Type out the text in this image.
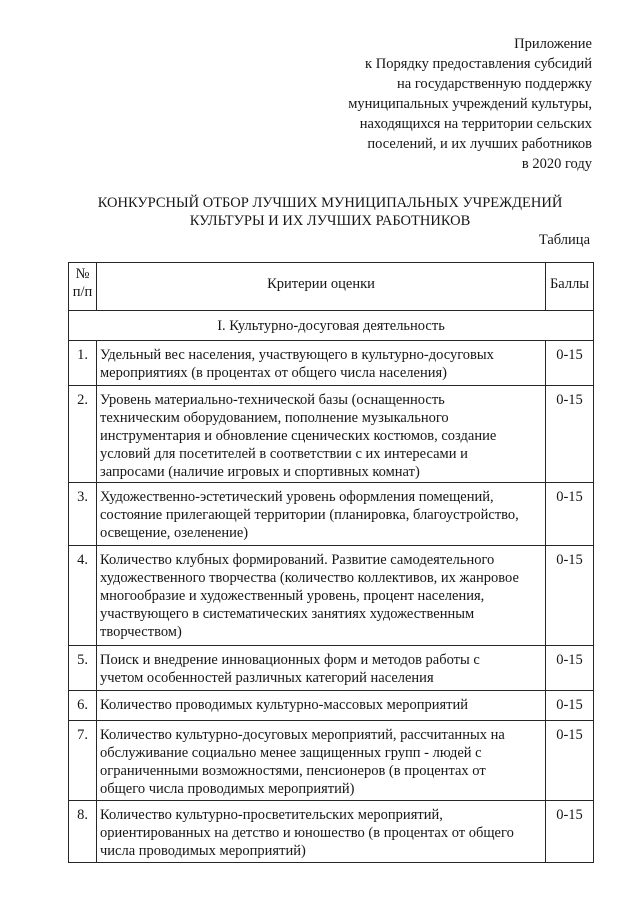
Приложение
к Порядку предоставления субсидий
на государственную поддержку
муниципальных учреждений культуры,
находящихся на территории сельских
поселений, и их лучших работников
в 2020 году
КОНКУРСНЫЙ ОТБОР ЛУЧШИХ МУНИЦИПАЛЬНЫХ УЧРЕЖДЕНИЙ
КУЛЬТУРЫ И ИХ ЛУЧШИХ РАБОТНИКОВ
Таблица
№
п/п	Критерии оценки	Баллы
I. Культурно-досуговая деятельность		
1.	Удельный вес населения, участвующего в культурно-досуговых
мероприятиях (в процентах от общего числа населения)	0-15
2.	Уровень материально-технической базы (оснащенность
техническим оборудованием, пополнение музыкального
инструментария и обновление сценических костюмов, создание
условий для посетителей в соответствии с их интересами и
запросами (наличие игровых и спортивных комнат)	0-15
3.	Художественно-эстетический уровень оформления помещений,
состояние прилегающей территории (планировка, благоустройство,
освещение, озеленение)	0-15
4.	Количество клубных формирований. Развитие самодеятельного
художественного творчества (количество коллективов, их жанровое
многообразие и художественный уровень, процент населения,
участвующего в систематических занятиях художественным
творчеством)	0-15
5.	Поиск и внедрение инновационных форм и методов работы с
учетом особенностей различных категорий населения	0-15
6.	Количество проводимых культурно-массовых мероприятий	0-15
7.	Количество культурно-досуговых мероприятий, рассчитанных на
обслуживание социально менее защищенных групп - людей с
ограниченными возможностями, пенсионеров (в процентах от
общего числа проводимых мероприятий)	0-15
8.	Количество культурно-просветительских мероприятий,
ориентированных на детство и юношество (в процентах от общего
числа проводимых мероприятий)	0-15
